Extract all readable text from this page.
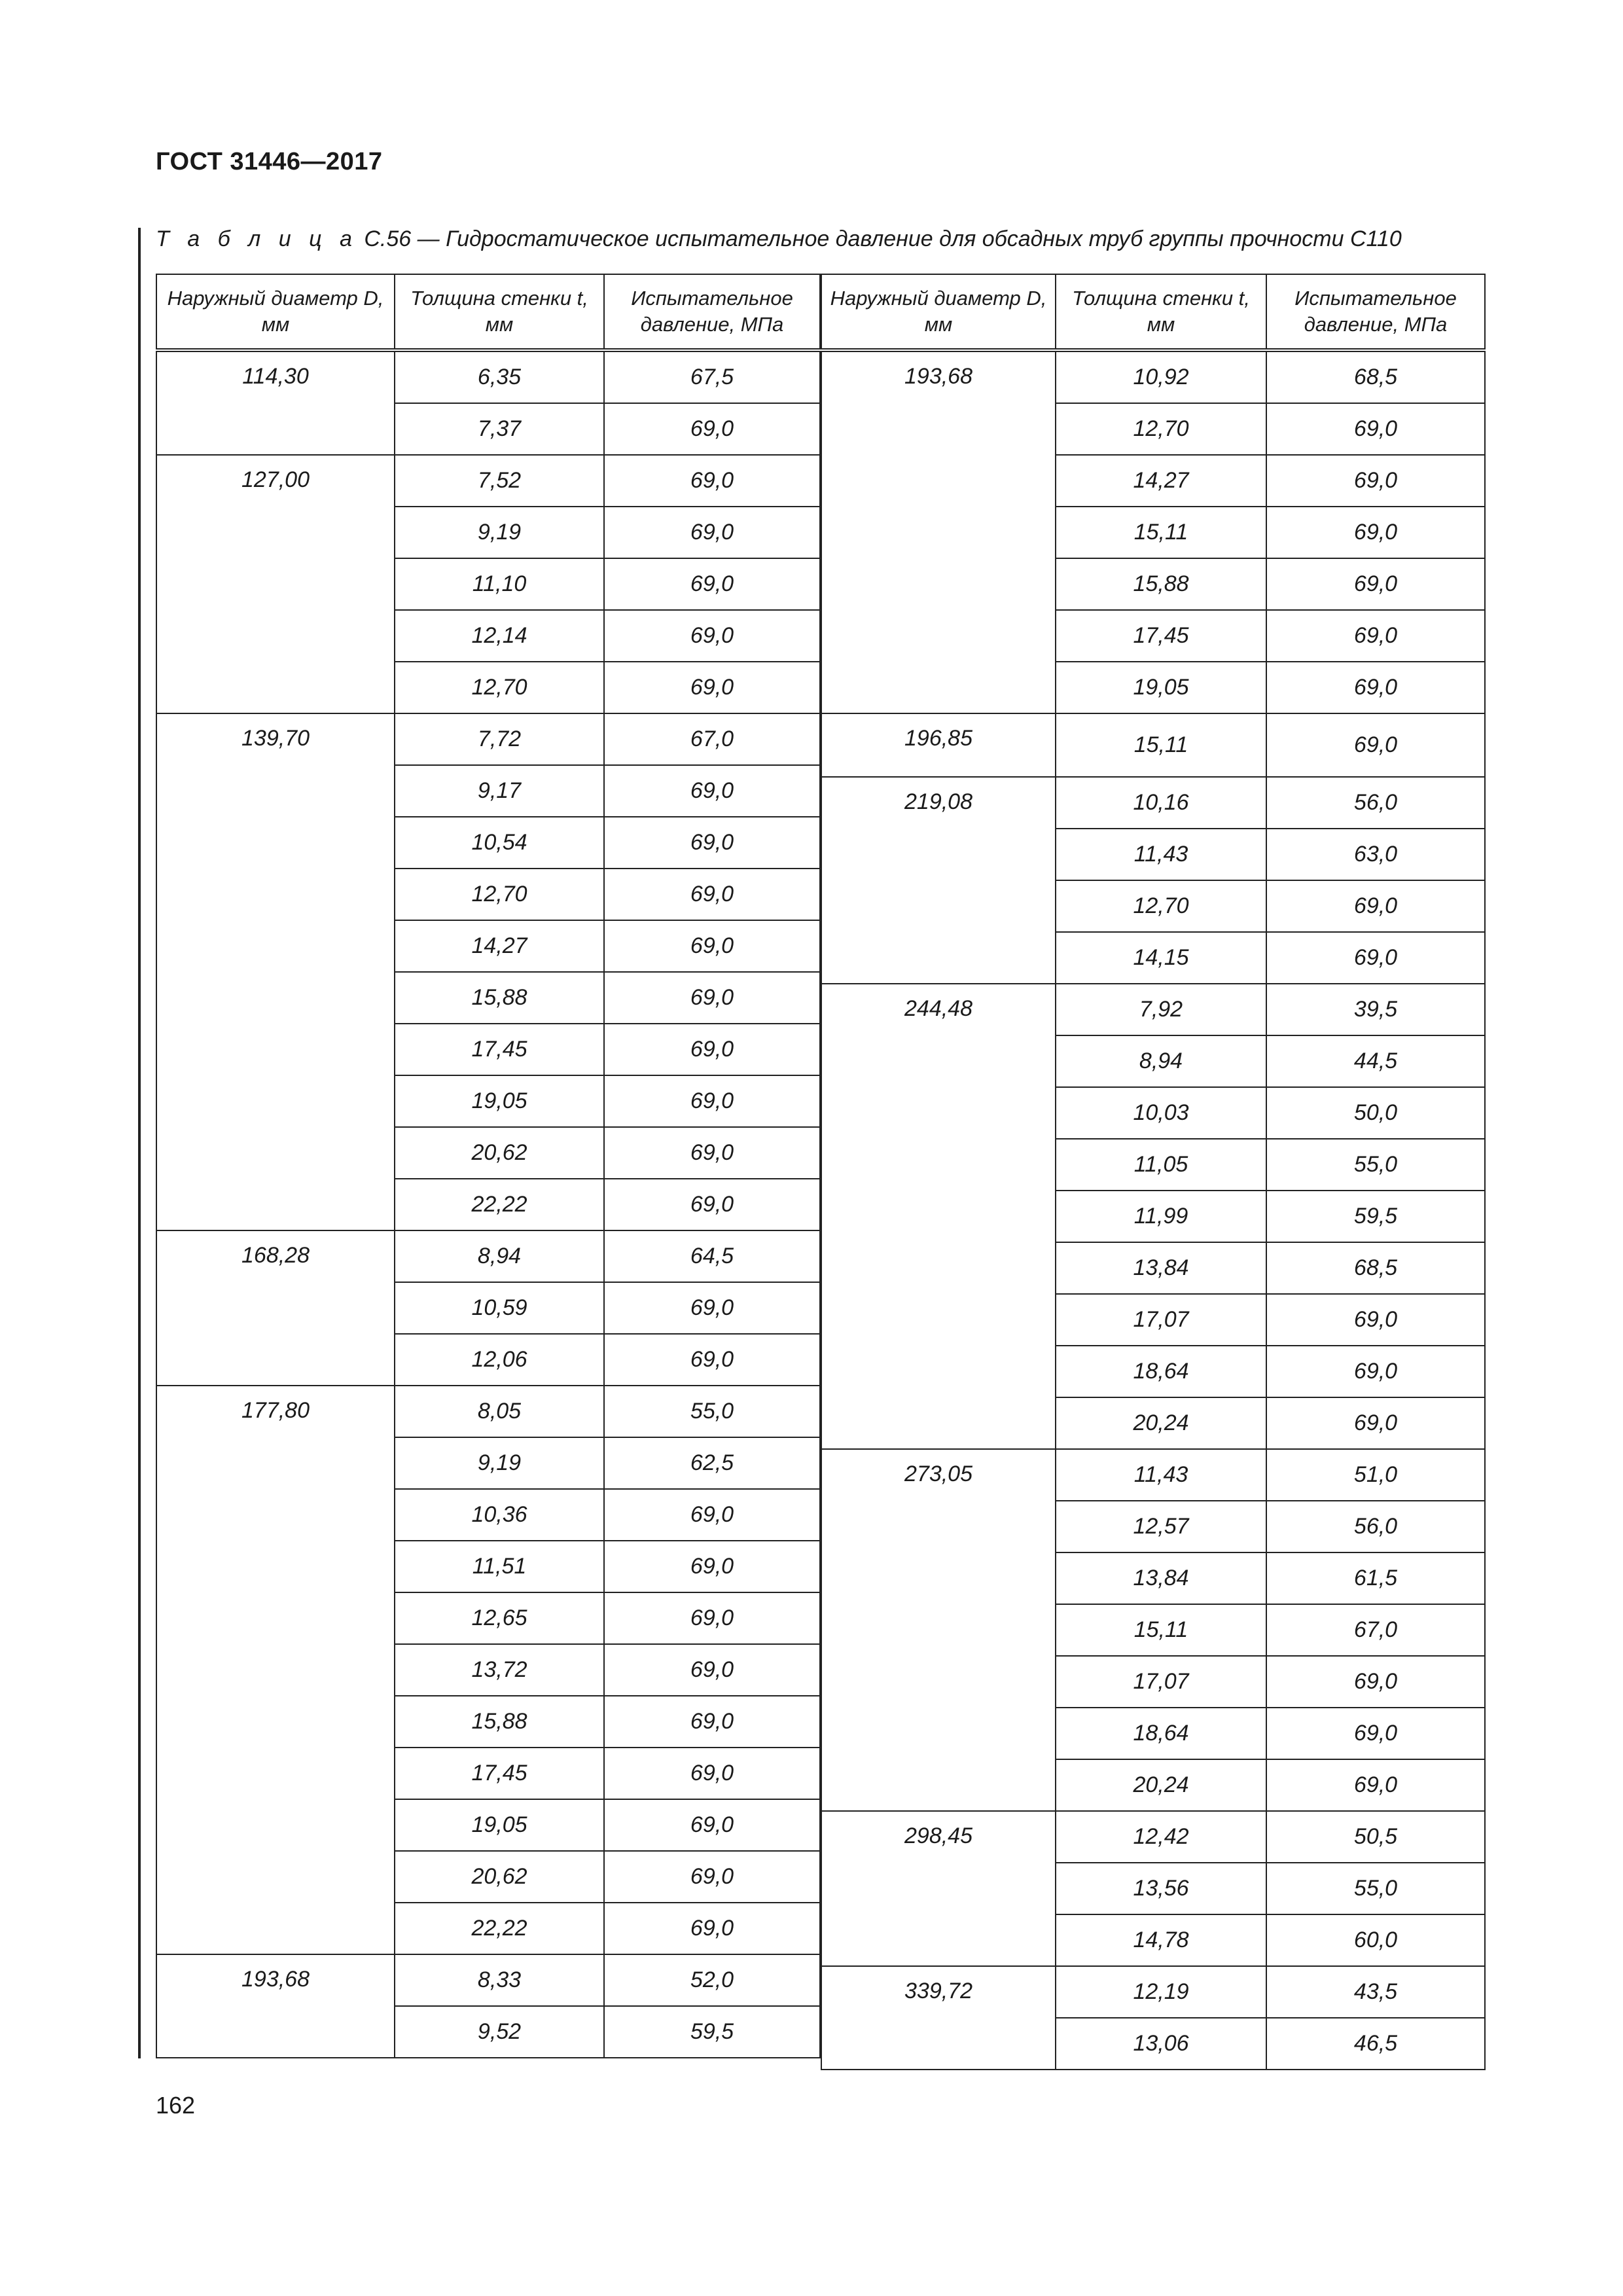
ГОСТ 31446—2017
Т а б л и ц а С.56 — Гидростатическое испытательное давление для обсадных труб группы прочности С110
Наружный диаметр D, мм	Толщина стенки t, мм	Испытательное давление, МПа
114,30	6,35	67,5
	7,37	69,0
127,00	7,52	69,0
	9,19	69,0
	11,10	69,0
	12,14	69,0
	12,70	69,0
139,70	7,72	67,0
	9,17	69,0
	10,54	69,0
	12,70	69,0
	14,27	69,0
	15,88	69,0
	17,45	69,0
	19,05	69,0
	20,62	69,0
	22,22	69,0
168,28	8,94	64,5
	10,59	69,0
	12,06	69,0
177,80	8,05	55,0
	9,19	62,5
	10,36	69,0
	11,51	69,0
	12,65	69,0
	13,72	69,0
	15,88	69,0
	17,45	69,0
	19,05	69,0
	20,62	69,0
	22,22	69,0
193,68	8,33	52,0
	9,52	59,5
Наружный диаметр D, мм	Толщина стенки t, мм	Испытательное давление, МПа
193,68	10,92	68,5
	12,70	69,0
	14,27	69,0
	15,11	69,0
	15,88	69,0
	17,45	69,0
	19,05	69,0
196,85	15,11	69,0
219,08	10,16	56,0
	11,43	63,0
	12,70	69,0
	14,15	69,0
244,48	7,92	39,5
	8,94	44,5
	10,03	50,0
	11,05	55,0
	11,99	59,5
	13,84	68,5
	17,07	69,0
	18,64	69,0
	20,24	69,0
273,05	11,43	51,0
	12,57	56,0
	13,84	61,5
	15,11	67,0
	17,07	69,0
	18,64	69,0
	20,24	69,0
298,45	12,42	50,5
	13,56	55,0
	14,78	60,0
339,72	12,19	43,5
	13,06	46,5
162
